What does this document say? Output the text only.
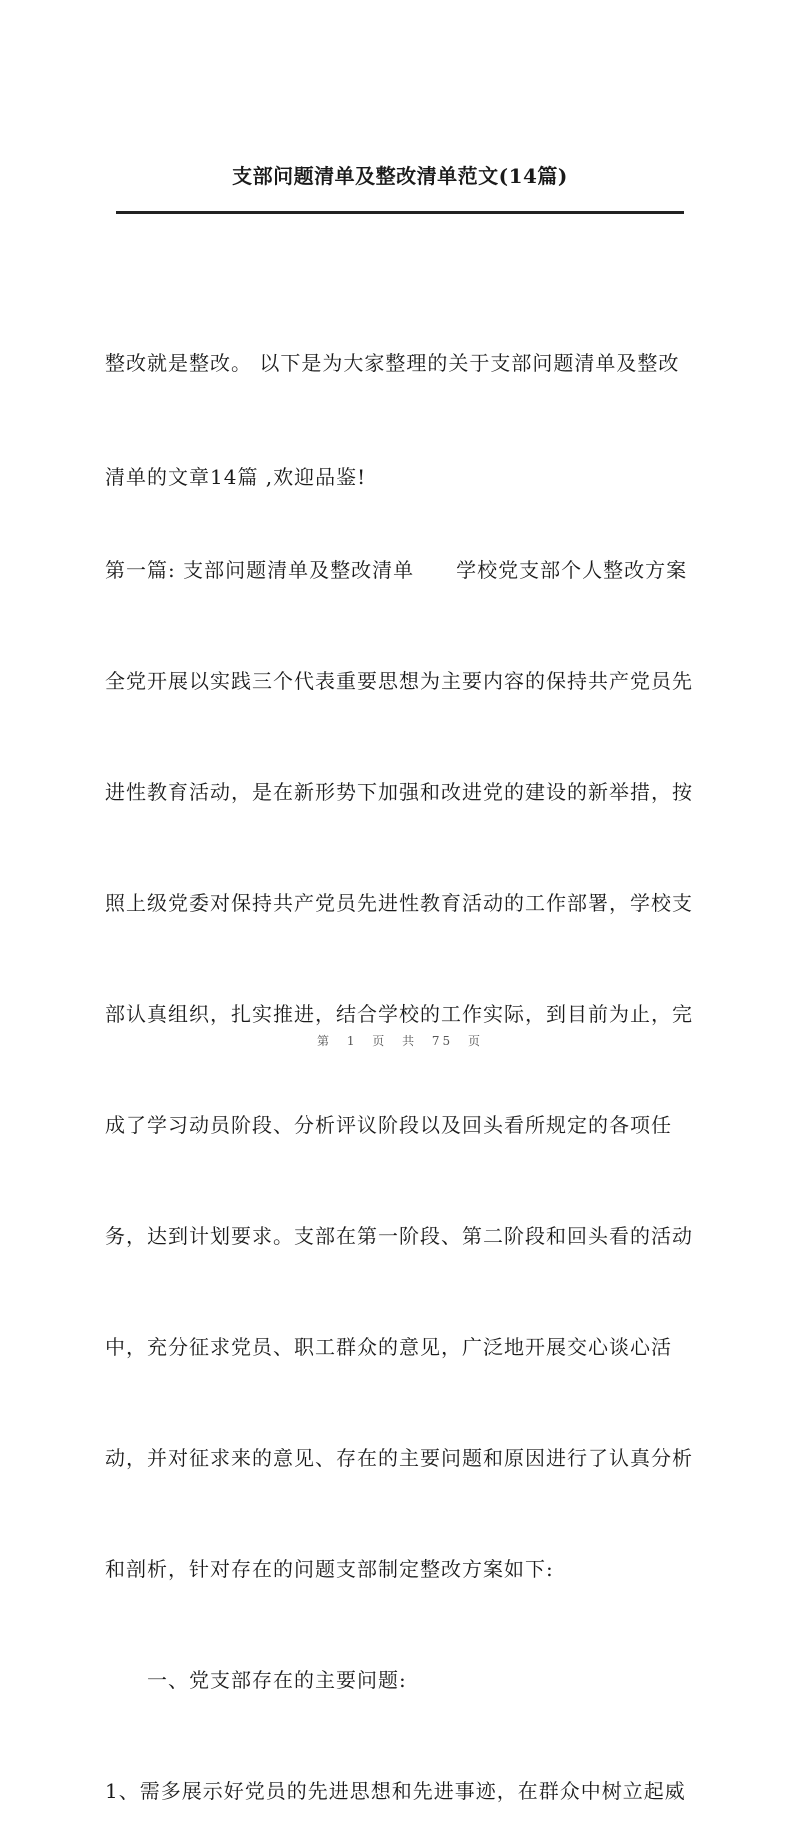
支部问题清单及整改清单范文(14篇)

整改就是整改。 以下是为大家整理的关于支部问题清单及整改

清单的文章14篇 ,欢迎品鉴!

第一篇: 支部问题清单及整改清单　　学校党支部个人整改方案

全党开展以实践三个代表重要思想为主要内容的保持共产党员先

进性教育活动，是在新形势下加强和改进党的建设的新举措，按

照上级党委对保持共产党员先进性教育活动的工作部署，学校支

部认真组织，扎实推进，结合学校的工作实际，到目前为止，完

成了学习动员阶段、分析评议阶段以及回头看所规定的各项任

务，达到计划要求。支部在第一阶段、第二阶段和回头看的活动

中，充分征求党员、职工群众的意见，广泛地开展交心谈心活

动，并对征求来的意见、存在的主要问题和原因进行了认真分析

和剖析，针对存在的问题支部制定整改方案如下:

一、党支部存在的主要问题:

1、需多展示好党员的先进思想和先进事迹，在群众中树立起威

第 1 页 共 75 页
